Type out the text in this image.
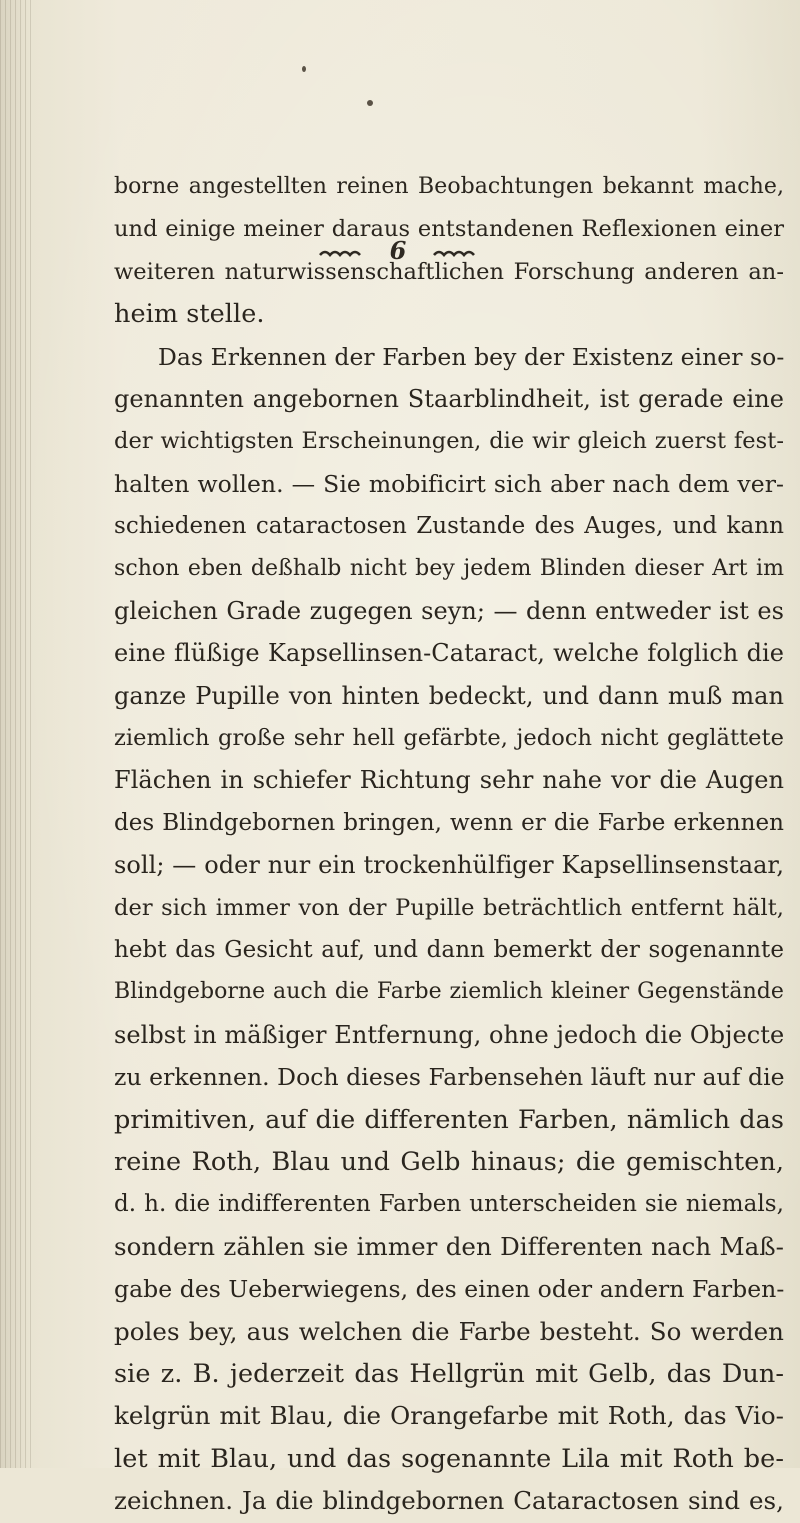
6
borne angestellten reinen Beobachtungen bekannt mache,
und einige meiner daraus entstandenen Reflexionen einer
weiteren naturwissenschaftlichen Forschung anderen an-
heim stelle.
Das Erkennen der Farben bey der Existenz einer so-
genannten angebornen Staarblindheit, ist gerade eine
der wichtigsten Erscheinungen, die wir gleich zuerst fest-
halten wollen. — Sie mobificirt sich aber nach dem ver-
schiedenen cataractosen Zustande des Auges, und kann
schon eben deßhalb nicht bey jedem Blinden dieser Art im
gleichen Grade zugegen seyn; — denn entweder ist es
eine flüßige Kapsellinsen-Cataract, welche folglich die
ganze Pupille von hinten bedeckt, und dann muß man
ziemlich große sehr hell gefärbte, jedoch nicht geglättete
Flächen in schiefer Richtung sehr nahe vor die Augen
des Blindgebornen bringen, wenn er die Farbe erkennen
soll; — oder nur ein trockenhülfiger Kapsellinsenstaar,
der sich immer von der Pupille beträchtlich entfernt hält,
hebt das Gesicht auf, und dann bemerkt der sogenannte
Blindgeborne auch die Farbe ziemlich kleiner Gegenstände
selbst in mäßiger Entfernung, ohne jedoch die Objecte
zu erkennen. Doch dieses Farbensehen läuft nur auf die
primitiven, auf die differenten Farben, nämlich das
reine Roth, Blau und Gelb hinaus; die gemischten,
d. h. die indifferenten Farben unterscheiden sie niemals,
sondern zählen sie immer den Differenten nach Maß-
gabe des Ueberwiegens, des einen oder andern Farben-
poles bey, aus welchen die Farbe besteht. So werden
sie z. B. jederzeit das Hellgrün mit Gelb, das Dun-
kelgrün mit Blau, die Orangefarbe mit Roth, das Vio-
let mit Blau, und das sogenannte Lila mit Roth be-
zeichnen. Ja die blindgebornen Cataractosen sind es,
